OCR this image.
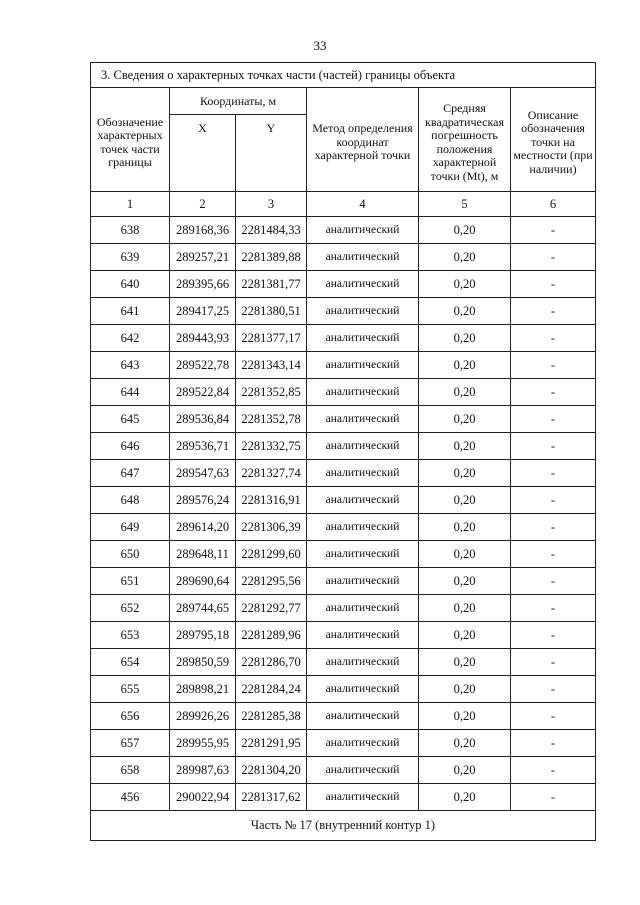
33
3. Сведения о характерных точках части (частей) границы объекта					
Обозначение характерных точек части границы	Координаты, м		Метод определения координат характерной точки	Средняя квадратическая погрешность положения характерной точки (Mt), м	Описание обозначения точки на местности (при наличии)
	X	Y			
1	2	3	4	5	6
638	289168,36	2281484,33	аналитический	0,20	-
639	289257,21	2281389,88	аналитический	0,20	-
640	289395,66	2281381,77	аналитический	0,20	-
641	289417,25	2281380,51	аналитический	0,20	-
642	289443,93	2281377,17	аналитический	0,20	-
643	289522,78	2281343,14	аналитический	0,20	-
644	289522,84	2281352,85	аналитический	0,20	-
645	289536,84	2281352,78	аналитический	0,20	-
646	289536,71	2281332,75	аналитический	0,20	-
647	289547,63	2281327,74	аналитический	0,20	-
648	289576,24	2281316,91	аналитический	0,20	-
649	289614,20	2281306,39	аналитический	0,20	-
650	289648,11	2281299,60	аналитический	0,20	-
651	289690,64	2281295,56	аналитический	0,20	-
652	289744,65	2281292,77	аналитический	0,20	-
653	289795,18	2281289,96	аналитический	0,20	-
654	289850,59	2281286,70	аналитический	0,20	-
655	289898,21	2281284,24	аналитический	0,20	-
656	289926,26	2281285,38	аналитический	0,20	-
657	289955,95	2281291,95	аналитический	0,20	-
658	289987,63	2281304,20	аналитический	0,20	-
456	290022,94	2281317,62	аналитический	0,20	-
Часть № 17 (внутренний контур 1)					
